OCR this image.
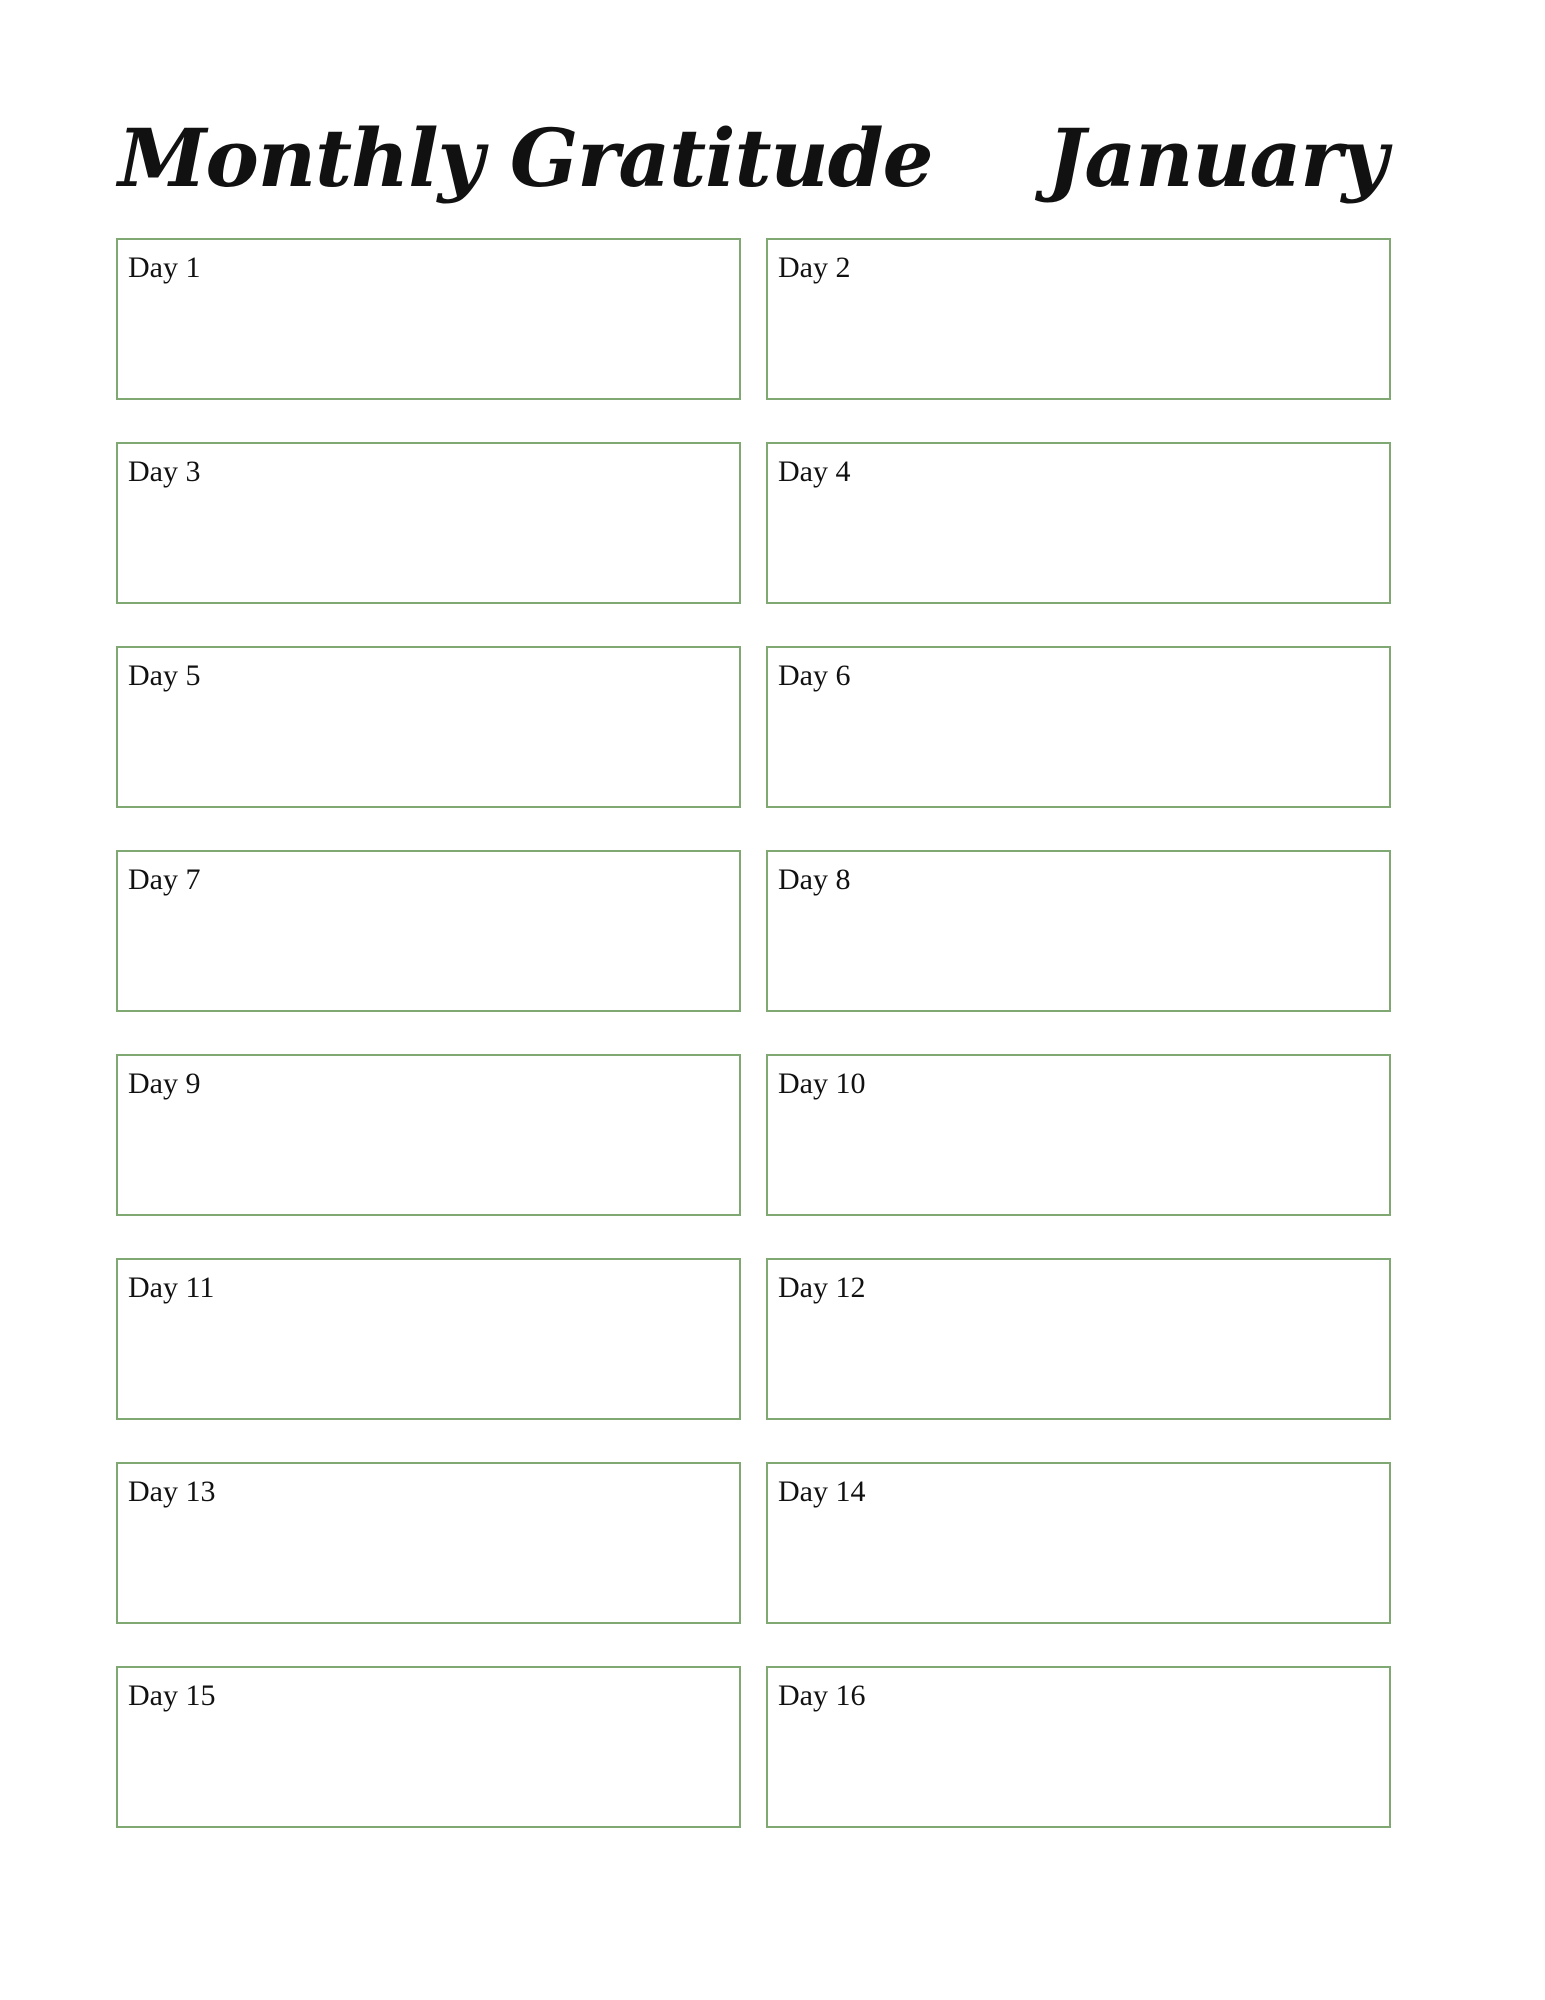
Monthly Gratitude January
Day 1	Day 2
Day 3	Day 4
Day 5	Day 6
Day 7	Day 8
Day 9	Day 10
Day 11	Day 12
Day 13	Day 14
Day 15	Day 16
